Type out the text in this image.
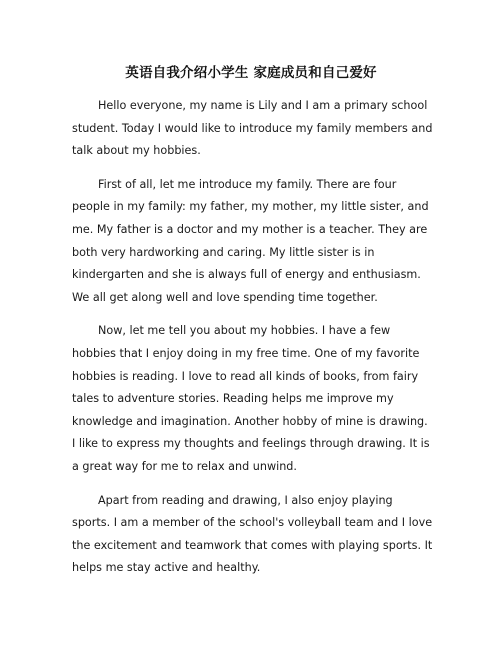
英语自我介绍小学生 家庭成员和自己爱好

Hello everyone, my name is Lily and I am a primary school student. Today I would like to introduce my family members and talk about my hobbies.

First of all, let me introduce my family. There are four people in my family: my father, my mother, my little sister, and me. My father is a doctor and my mother is a teacher. They are both very hardworking and caring. My little sister is in kindergarten and she is always full of energy and enthusiasm. We all get along well and love spending time together.

Now, let me tell you about my hobbies. I have a few hobbies that I enjoy doing in my free time. One of my favorite hobbies is reading. I love to read all kinds of books, from fairy tales to adventure stories. Reading helps me improve my knowledge and imagination. Another hobby of mine is drawing. I like to express my thoughts and feelings through drawing. It is a great way for me to relax and unwind.

Apart from reading and drawing, I also enjoy playing sports. I am a member of the school's volleyball team and I love the excitement and teamwork that comes with playing sports. It helps me stay active and healthy.
